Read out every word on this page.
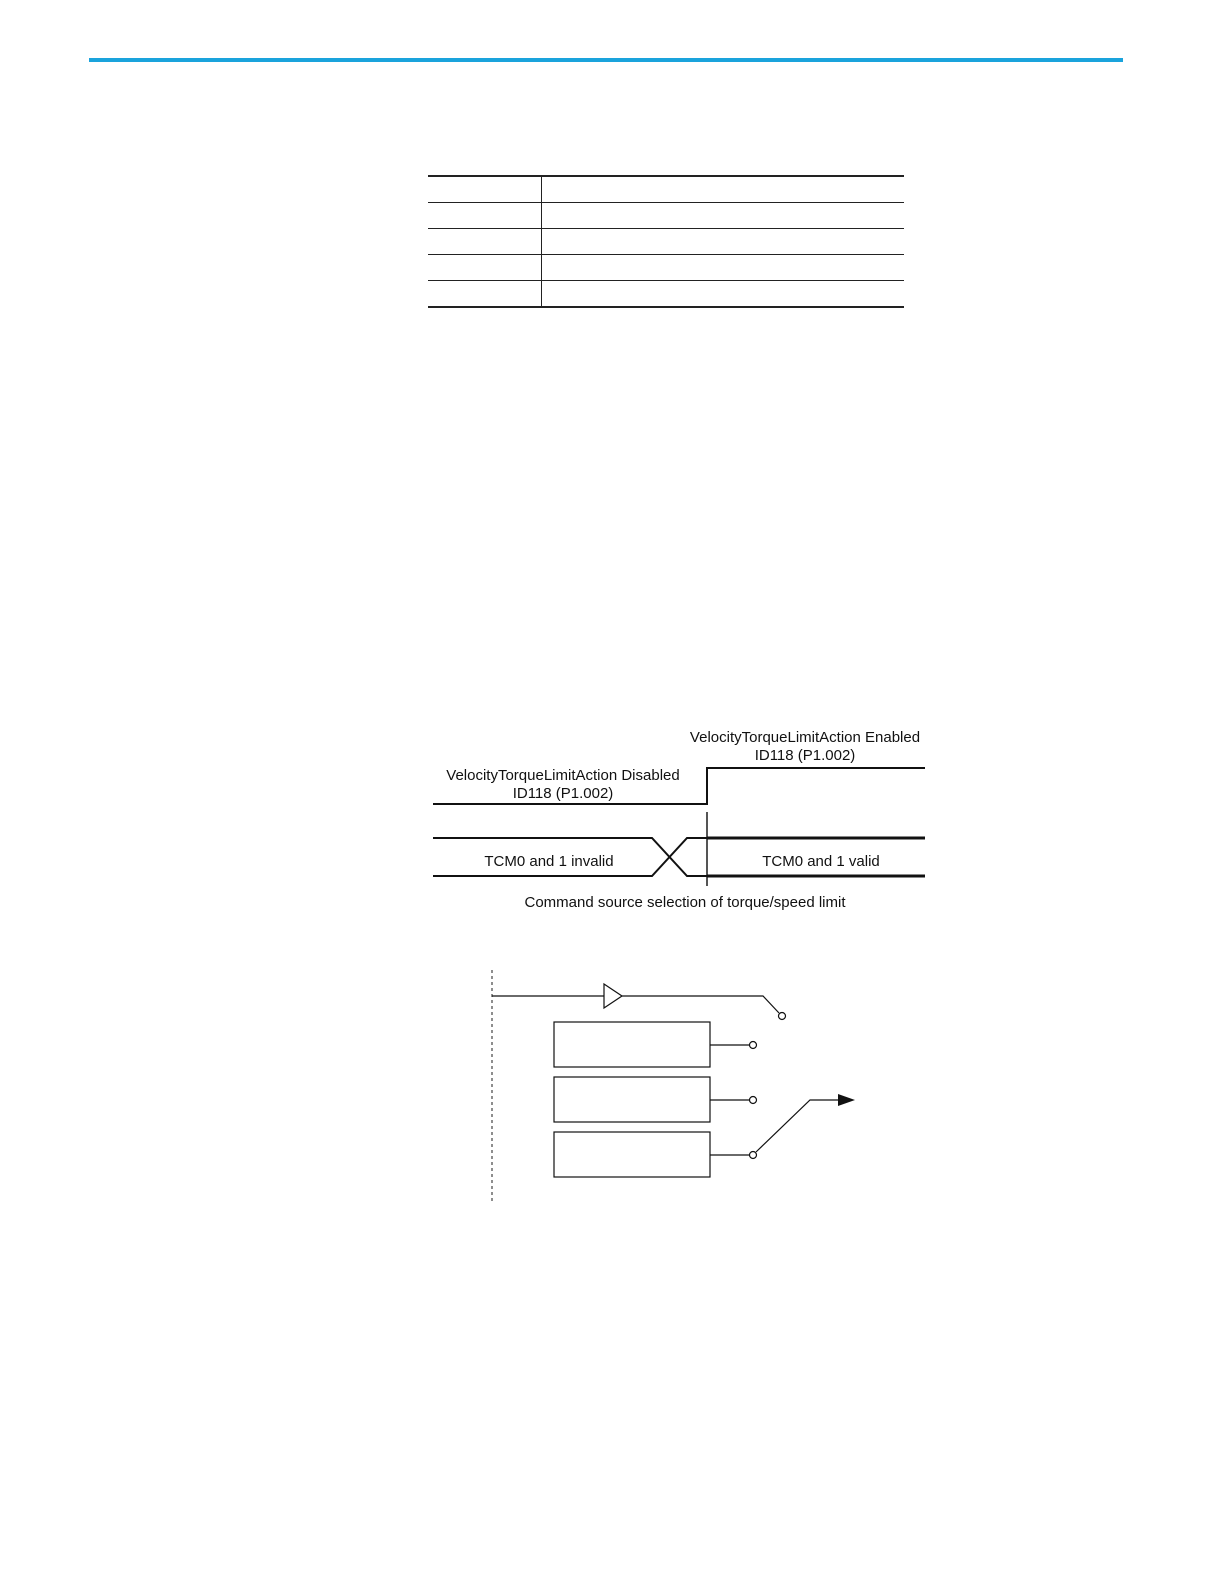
VelocityTorqueLimitAction Enabled
ID118 (P1.002)
VelocityTorqueLimitAction Disabled
ID118 (P1.002)
TCM0 and 1 invalid	TCM0 and 1 valid
Command source selection of torque/speed limit
